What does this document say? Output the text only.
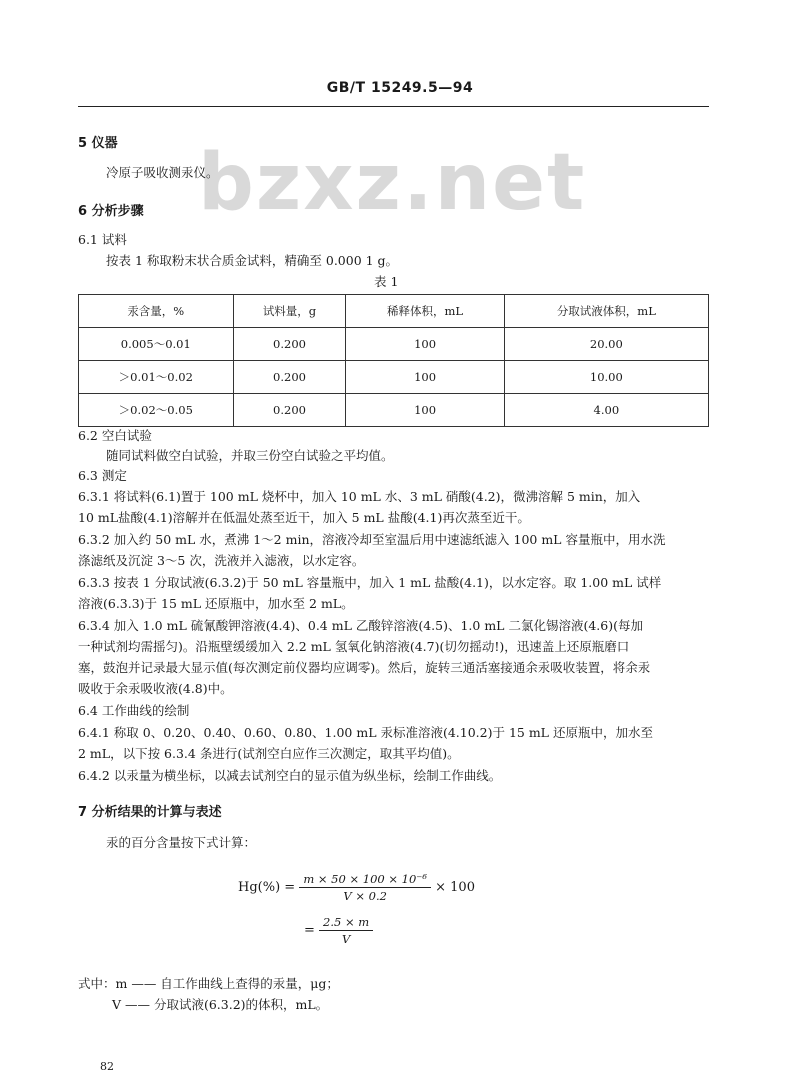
GB/T 15249.5—94
bzxz.net
5 仪器
冷原子吸收测汞仪。
6 分析步骤
6.1 试料
按表 1 称取粉末状合质金试料，精确至 0.000 1 g。
表 1
汞含量，%	试料量，g	稀释体积，mL	分取试液体积，mL
0.005～0.01	0.200	100	20.00
＞0.01～0.02	0.200	100	10.00
＞0.02～0.05	0.200	100	4.00
6.2 空白试验
随同试料做空白试验，并取三份空白试验之平均值。
6.3 测定
6.3.1 将试料(6.1)置于 100 mL 烧杯中，加入 10 mL 水、3 mL 硝酸(4.2)，微沸溶解 5 min，加入
10 mL盐酸(4.1)溶解并在低温处蒸至近干，加入 5 mL 盐酸(4.1)再次蒸至近干。
6.3.2 加入约 50 mL 水，煮沸 1～2 min，溶液冷却至室温后用中速滤纸滤入 100 mL 容量瓶中，用水洗
涤滤纸及沉淀 3～5 次，洗液并入滤液，以水定容。
6.3.3 按表 1 分取试液(6.3.2)于 50 mL 容量瓶中，加入 1 mL 盐酸(4.1)，以水定容。取 1.00 mL 试样
溶液(6.3.3)于 15 mL 还原瓶中，加水至 2 mL。
6.3.4 加入 1.0 mL 硫氰酸钾溶液(4.4)、0.4 mL 乙酸锌溶液(4.5)、1.0 mL 二氯化锡溶液(4.6)(每加
一种试剂均需摇匀)。沿瓶壁缓缓加入 2.2 mL 氢氧化钠溶液(4.7)(切勿摇动!)，迅速盖上还原瓶磨口
塞，鼓泡并记录最大显示值(每次测定前仪器均应调零)。然后，旋转三通活塞接通余汞吸收装置，将余汞
吸收于余汞吸收液(4.8)中。
6.4 工作曲线的绘制
6.4.1 称取 0、0.20、0.40、0.60、0.80、1.00 mL 汞标准溶液(4.10.2)于 15 mL 还原瓶中，加水至
2 mL，以下按 6.3.4 条进行(试剂空白应作三次测定，取其平均值)。
6.4.2 以汞量为横坐标，以减去试剂空白的显示值为纵坐标，绘制工作曲线。
7 分析结果的计算与表述
汞的百分含量按下式计算：
$Hg(\%) = \frac{\text{m × 50 × 100 × 10⁻⁶}}{V \times 0.2} \times 100$
= $\frac{2.5 \times m}{V}$
式中：m —— 自工作曲线上查得的汞量，μg；
V —— 分取试液(6.3.2)的体积，mL。
82
